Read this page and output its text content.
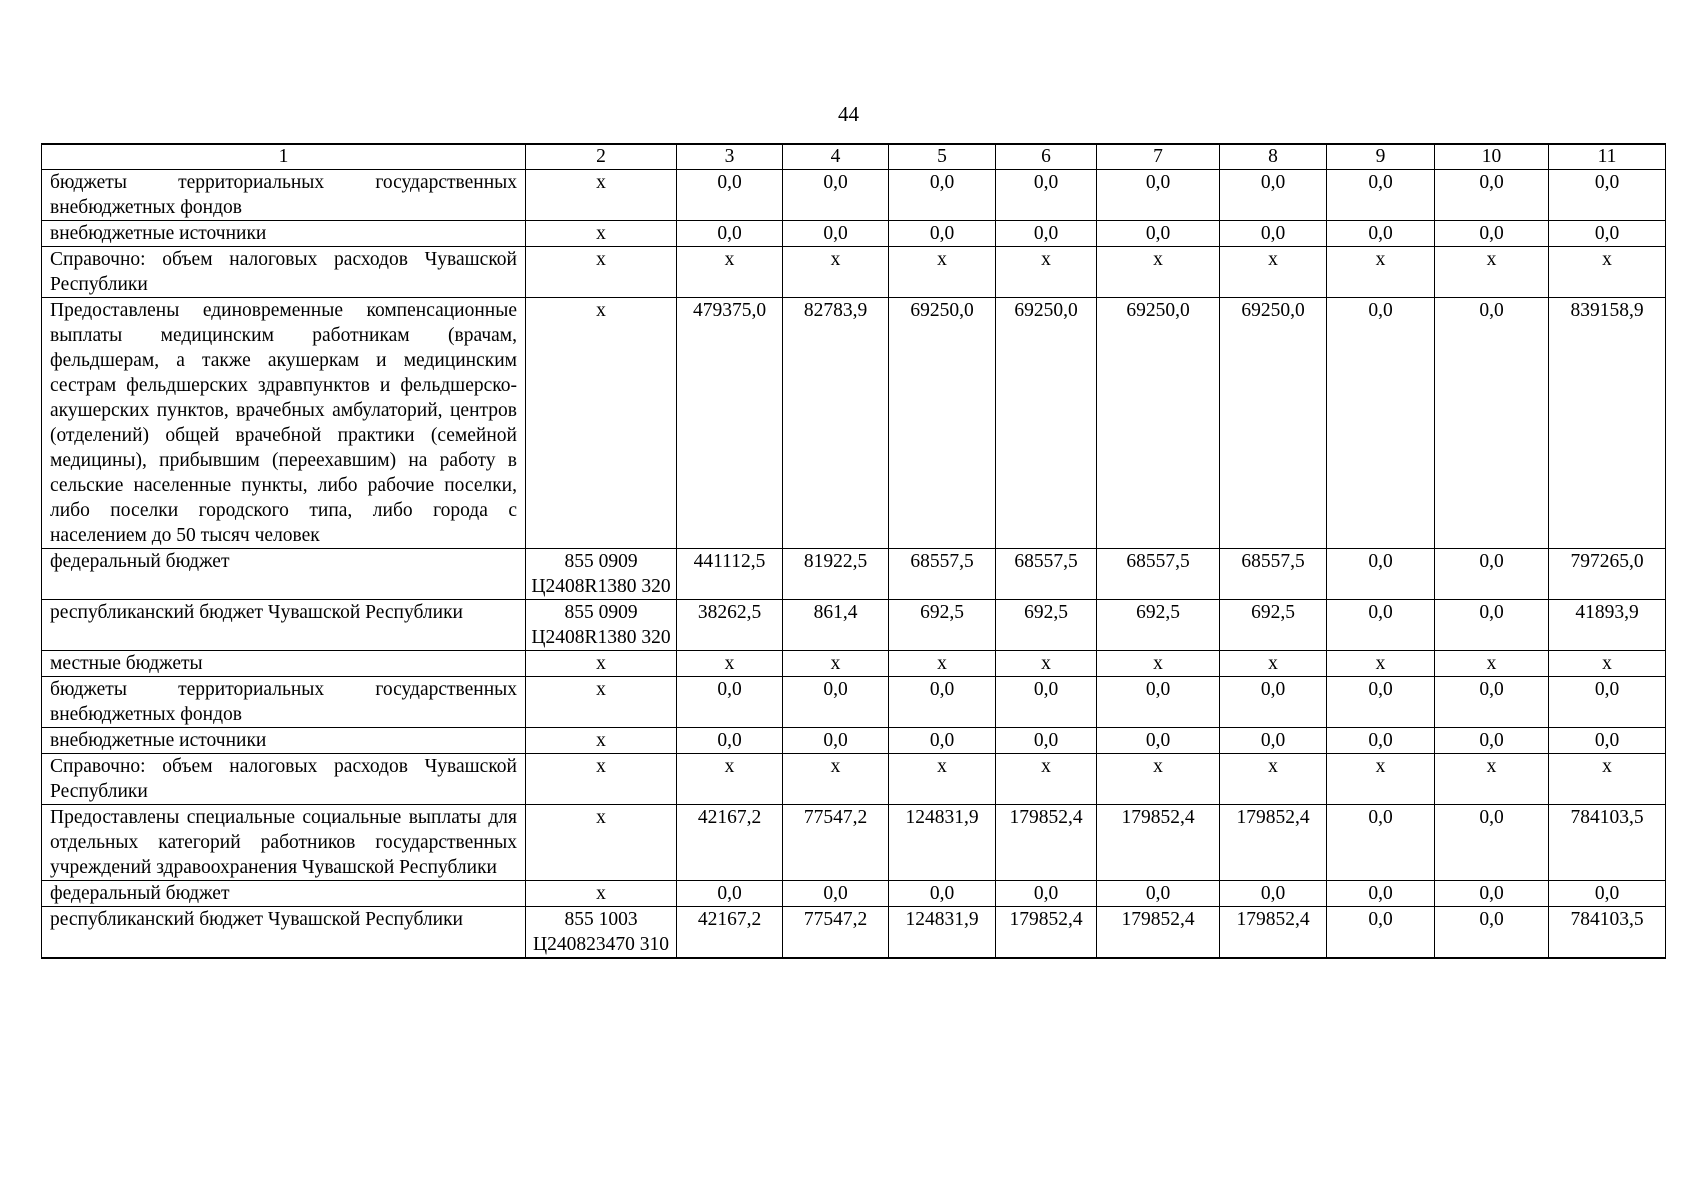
44
1	2	3	4	5	6	7	8	9	10	11
бюджеты территориальных государственных внебюджетных фондов	x	0,0	0,0	0,0	0,0	0,0	0,0	0,0	0,0	0,0
внебюджетные источники	x	0,0	0,0	0,0	0,0	0,0	0,0	0,0	0,0	0,0
Справочно: объем налоговых расходов Чувашской Республики	x	x	x	x	x	x	x	x	x	x
Предоставлены единовременные компенсационные выплаты медицинским работникам (врачам, фельдшерам, а также акушеркам и медицинским сестрам фельдшерских здравпунктов и фельдшерско-акушерских пунктов, врачебных амбулаторий, центров (отделений) общей врачебной практики (семейной медицины), прибывшим (переехавшим) на работу в сельские населенные пункты, либо рабочие поселки, либо поселки городского типа, либо города с населением до 50 тысяч человек	x	479375,0	82783,9	69250,0	69250,0	69250,0	69250,0	0,0	0,0	839158,9
федеральный бюджет	855 0909 Ц2408R1380 320	441112,5	81922,5	68557,5	68557,5	68557,5	68557,5	0,0	0,0	797265,0
республиканский бюджет Чувашской Республики	855 0909 Ц2408R1380 320	38262,5	861,4	692,5	692,5	692,5	692,5	0,0	0,0	41893,9
местные бюджеты	x	x	x	x	x	x	x	x	x	x
бюджеты территориальных государственных внебюджетных фондов	x	0,0	0,0	0,0	0,0	0,0	0,0	0,0	0,0	0,0
внебюджетные источники	x	0,0	0,0	0,0	0,0	0,0	0,0	0,0	0,0	0,0
Справочно: объем налоговых расходов Чувашской Республики	x	x	x	x	x	x	x	x	x	x
Предоставлены специальные социальные выплаты для отдельных категорий работников государственных учреждений здравоохранения Чувашской Республики	x	42167,2	77547,2	124831,9	179852,4	179852,4	179852,4	0,0	0,0	784103,5
федеральный бюджет	x	0,0	0,0	0,0	0,0	0,0	0,0	0,0	0,0	0,0
республиканский бюджет Чувашской Республики	855 1003 Ц240823470 310	42167,2	77547,2	124831,9	179852,4	179852,4	179852,4	0,0	0,0	784103,5
